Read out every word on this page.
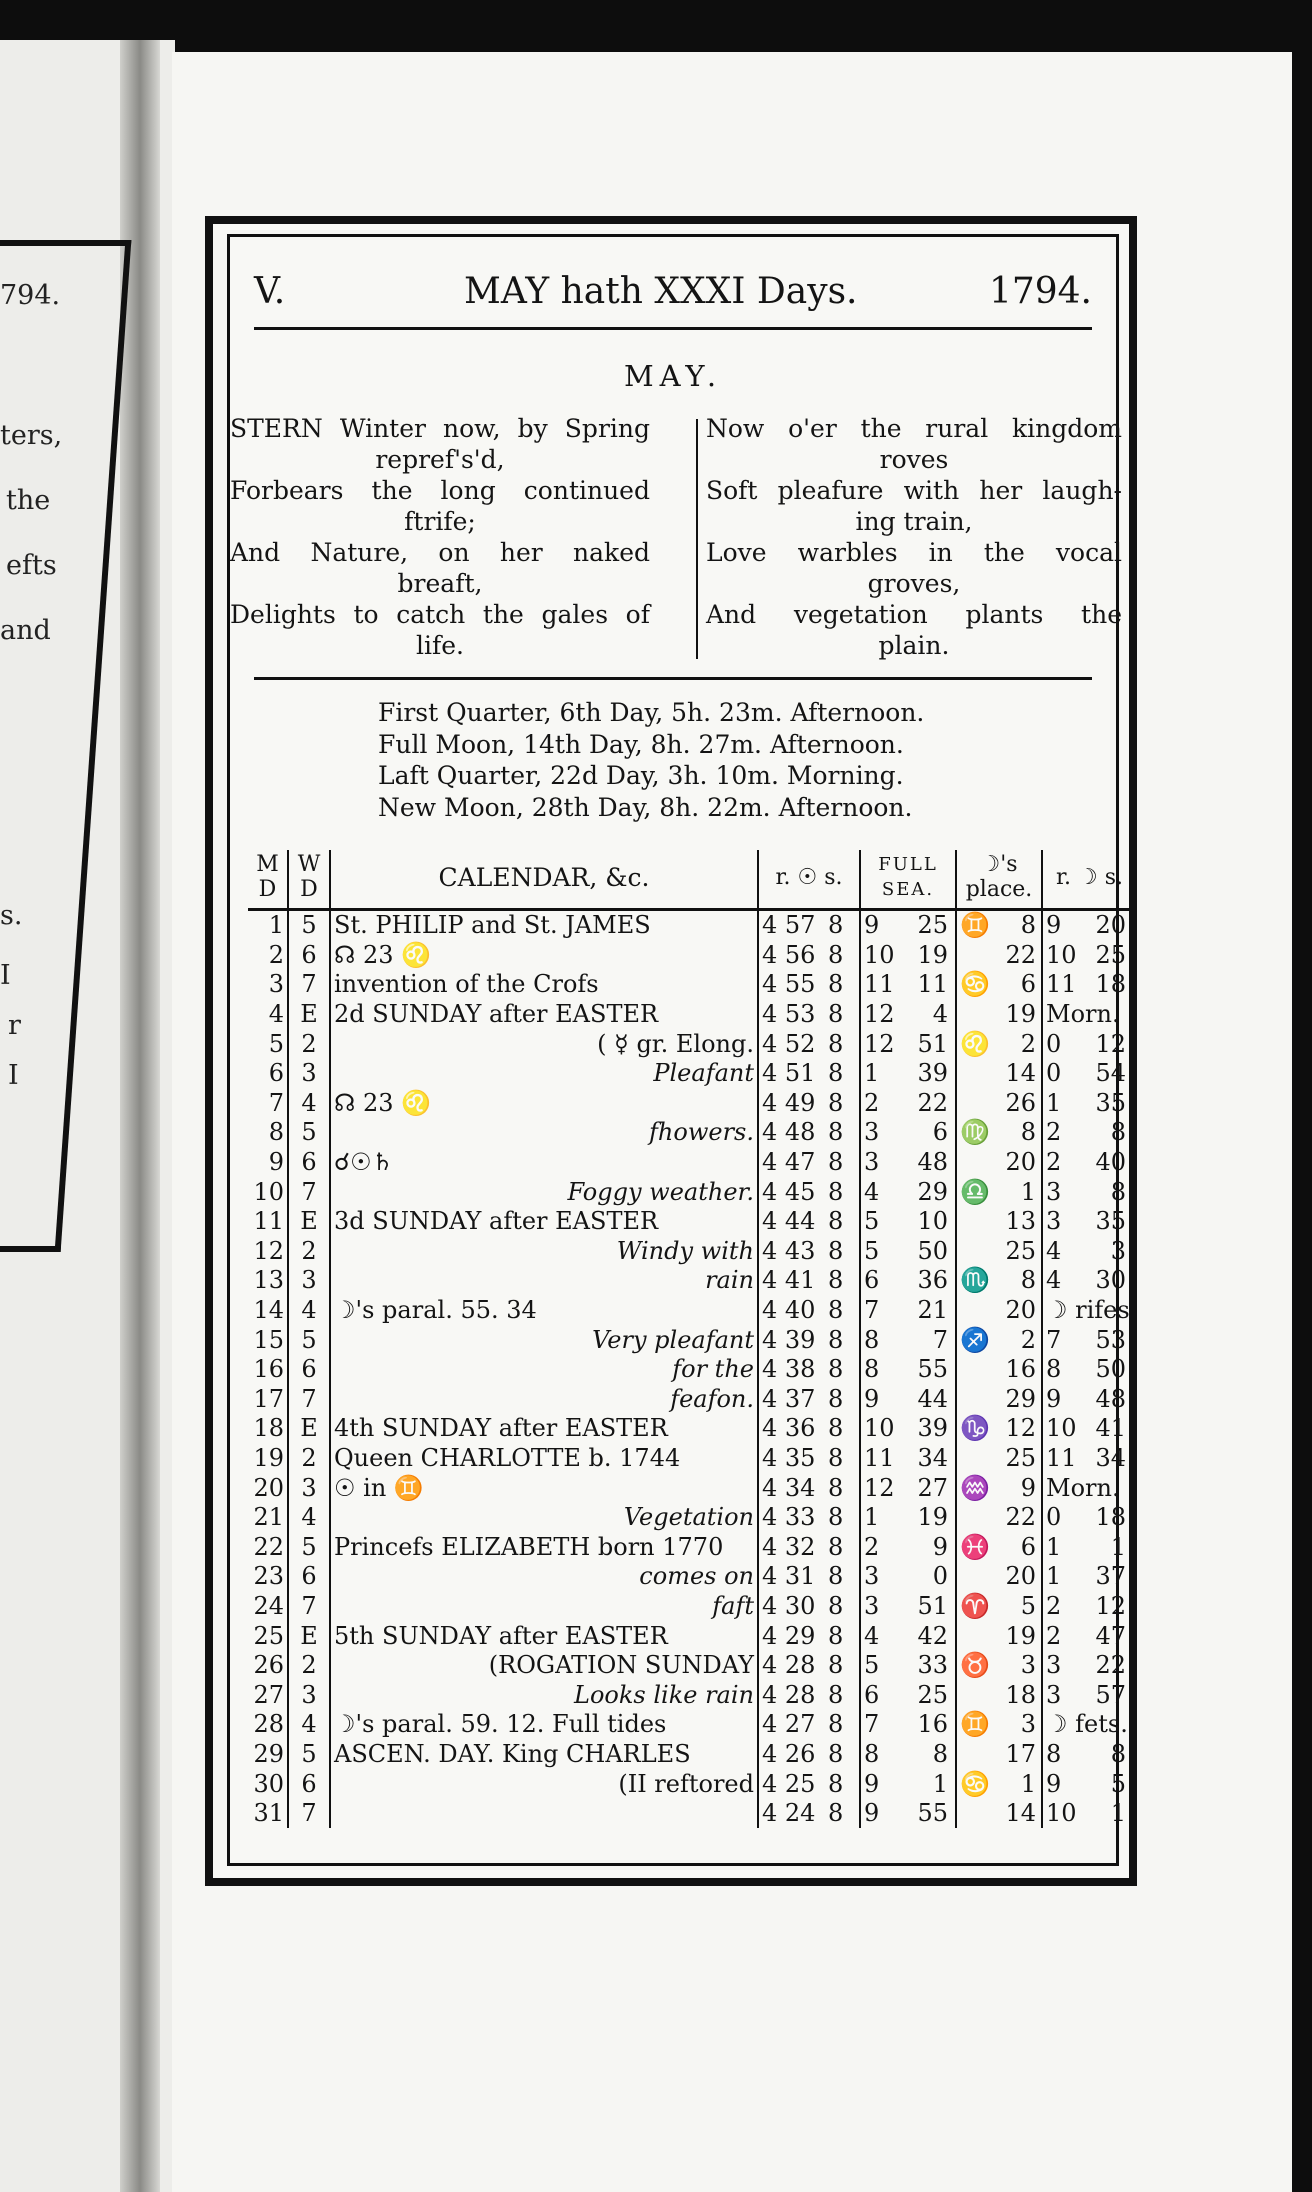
794.
ters,
the
efts
and
s.
I
r
I
V.	MAY hath XXXI Days.	1794.
MAY.
STERN Winter now, by Spring
repref's'd,
Forbears the long continued
ftrife;
And Nature, on her naked
breaft,
Delights to catch the gales of
life.
Now o'er the rural kingdom
roves
Soft pleafure with her laugh-
ing train,
Love warbles in the vocal
groves,
And vegetation plants the
plain.
First Quarter, 6th Day, 5h. 23m. Afternoon.
Full Moon, 14th Day, 8h. 27m. Afternoon.
Laft Quarter, 22d Day, 3h. 10m. Morning.
New Moon, 28th Day, 8h. 22m. Afternoon.
M D	W D	CALENDAR, &c.	r. ☉ s.	FULL SEA.	☽'s place.	r. ☽ s.
1	5	St. PHILIP and St. JAMES	4 57 8	9 25	♊ 8	9 20
2	6	☊ 23 ♌	4 56 8	10 19	22	10 25
3	7	invention of the Crofs	4 55 8	11 11	♋ 6	11 18
4	E	2d SUNDAY after EASTER	4 53 8	12 4	19	Morn.
5	2	( ☿ gr. Elong.	4 52 8	12 51	♌ 2	0 12
6	3	Pleafant	4 51 8	1 39	14	0 54
7	4	☊ 23 ♌	4 49 8	2 22	26	1 35
8	5	fhowers.	4 48 8	3 6	♍ 8	2 8
9	6	☌☉♄	4 47 8	3 48	20	2 40
10	7	Foggy weather.	4 45 8	4 29	♎ 1	3 8
11	E	3d SUNDAY after EASTER	4 44 8	5 10	13	3 35
12	2	Windy with	4 43 8	5 50	25	4 3
13	3	rain	4 41 8	6 36	♏ 8	4 30
14	4	☽'s paral. 55. 34	4 40 8	7 21	20	☽ rifes
15	5	Very pleafant	4 39 8	8 7	♐ 2	7 53
16	6	for the	4 38 8	8 55	16	8 50
17	7	feafon.	4 37 8	9 44	29	9 48
18	E	4th SUNDAY after EASTER	4 36 8	10 39	♑ 12	10 41
19	2	Queen CHARLOTTE b. 1744	4 35 8	11 34	25	11 34
20	3	☉ in ♊	4 34 8	12 27	♒ 9	Morn.
21	4	Vegetation	4 33 8	1 19	22	0 18
22	5	Princefs ELIZABETH born 1770	4 32 8	2 9	♓ 6	1 1
23	6	comes on	4 31 8	3 0	20	1 37
24	7	faft	4 30 8	3 51	♈ 5	2 12
25	E	5th SUNDAY after EASTER	4 29 8	4 42	19	2 47
26	2	(ROGATION SUNDAY	4 28 8	5 33	♉ 3	3 22
27	3	Looks like rain	4 28 8	6 25	18	3 57
28	4	☽'s paral. 59. 12. Full tides	4 27 8	7 16	♊ 3	☽ fets.
29	5	ASCEN. DAY. King CHARLES	4 26 8	8 8	17	8 8
30	6	(II reftored	4 25 8	9 1	♋ 1	9 5
31	7		4 24 8	9 55	14	10 1
